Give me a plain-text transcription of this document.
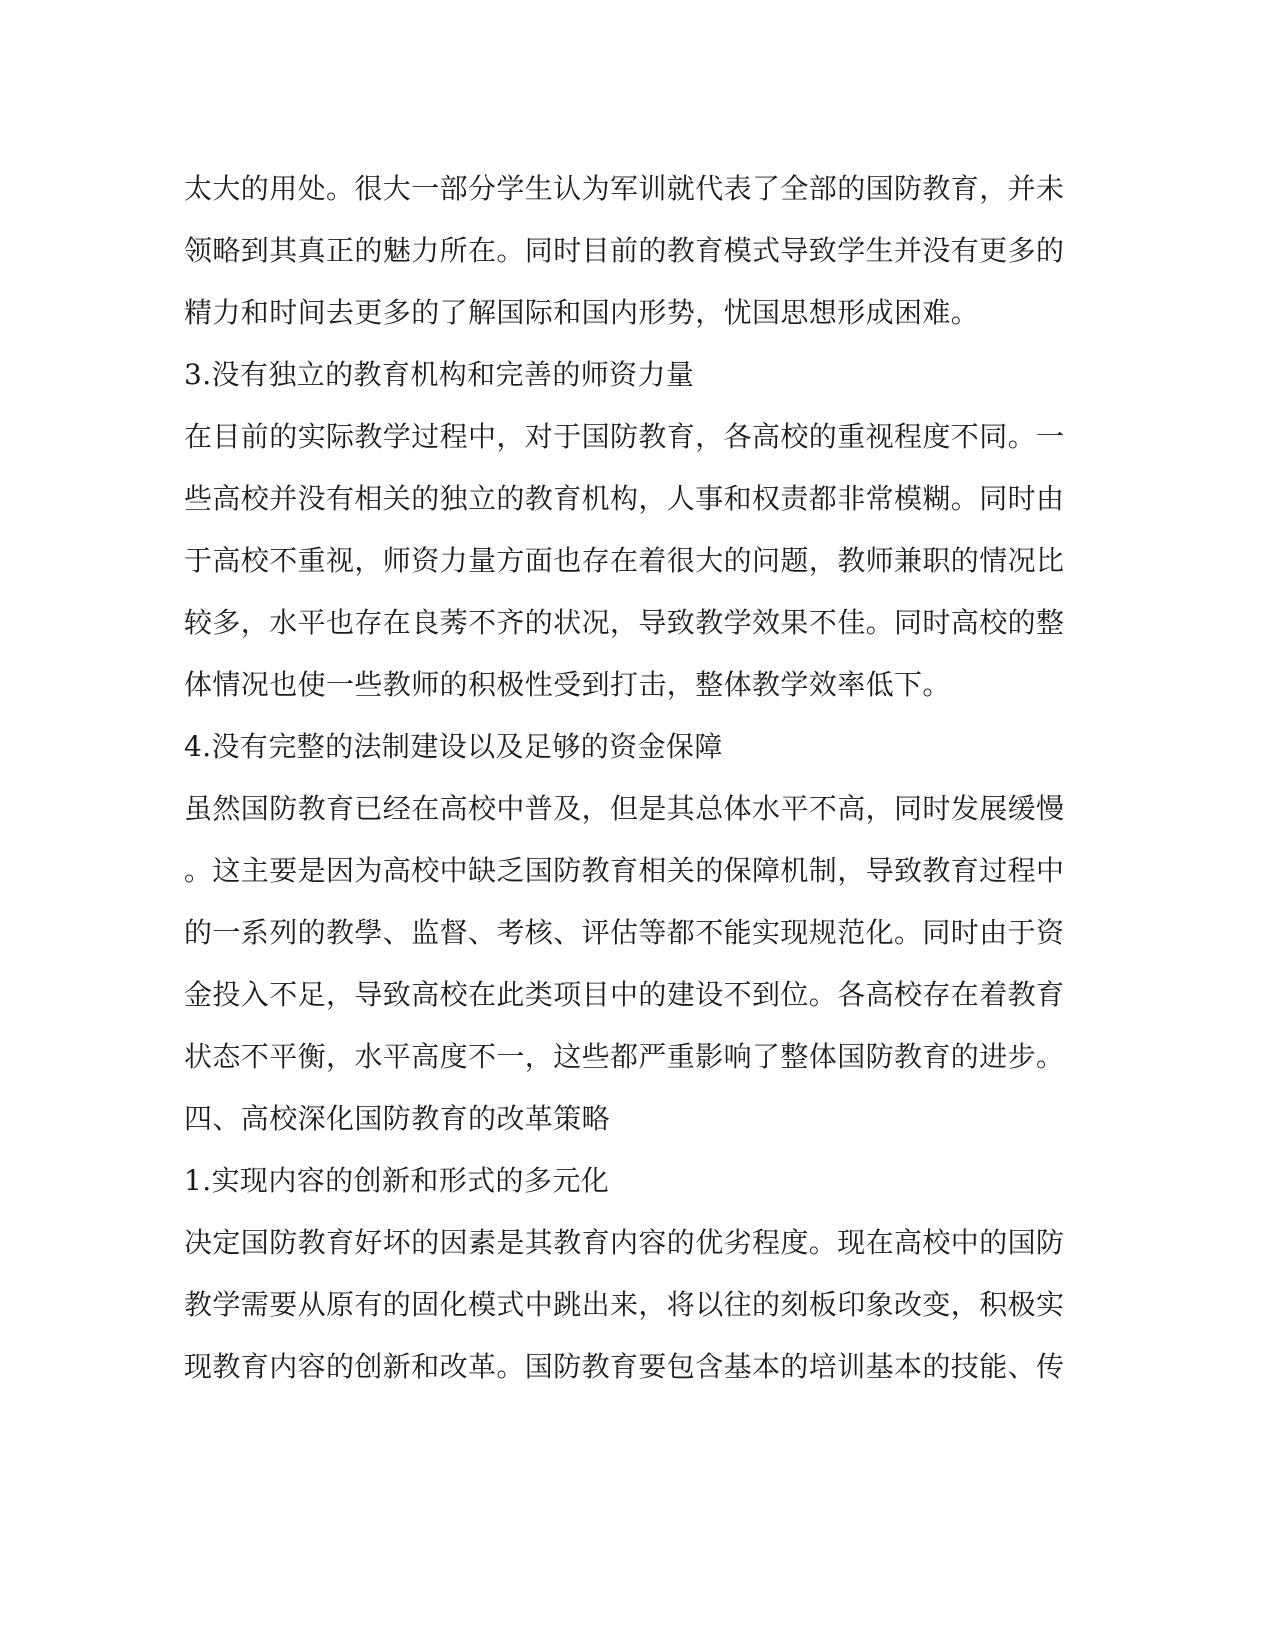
太大的用处。很大一部分学生认为军训就代表了全部的国防教育，并未
领略到其真正的魅力所在。同时目前的教育模式导致学生并没有更多的
精力和时间去更多的了解国际和国内形势，忧国思想形成困难。
3.没有独立的教育机构和完善的师资力量
在目前的实际教学过程中，对于国防教育，各高校的重视程度不同。一
些高校并没有相关的独立的教育机构，人事和权责都非常模糊。同时由
于高校不重视，师资力量方面也存在着很大的问题，教师兼职的情况比
较多，水平也存在良莠不齐的状况，导致教学效果不佳。同时高校的整
体情况也使一些教师的积极性受到打击，整体教学效率低下。
4.没有完整的法制建设以及足够的资金保障
虽然国防教育已经在高校中普及，但是其总体水平不高，同时发展缓慢
。这主要是因为高校中缺乏国防教育相关的保障机制，导致教育过程中
的一系列的教學、监督、考核、评估等都不能实现规范化。同时由于资
金投入不足，导致高校在此类项目中的建设不到位。各高校存在着教育
状态不平衡，水平高度不一，这些都严重影响了整体国防教育的进步。
四、高校深化国防教育的改革策略
1.实现内容的创新和形式的多元化
决定国防教育好坏的因素是其教育内容的优劣程度。现在高校中的国防
教学需要从原有的固化模式中跳出来，将以往的刻板印象改变，积极实
现教育内容的创新和改革。国防教育要包含基本的培训基本的技能、传
